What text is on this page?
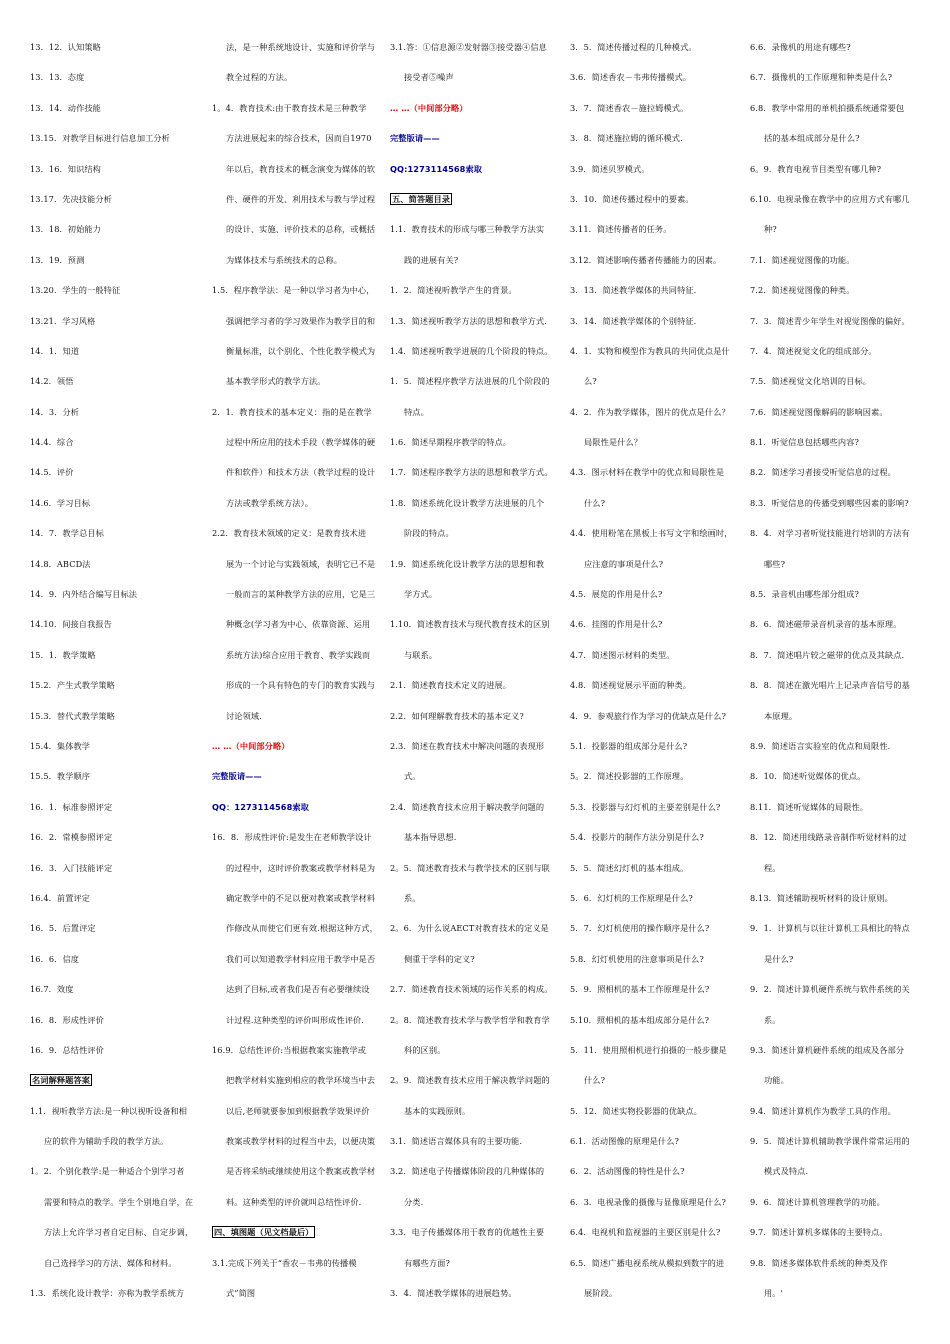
13．12．认知策略
13．13．态度
13．14．动作技能
13.15．对教学目标进行信息加工分析
13．16．知识结构
13.17．先决技能分析
13．18．初始能力
13．19．预测
13.20．学生的一般特征
13.21．学习风格
14．1．知道
14.2．领悟
14．3．分析
14.4．综合
14.5．评价
14.6．学习目标
14．7．教学总目标
14.8．ABCD法
14．9．内外结合编写目标法
14.10．间接自我报告
15．1．教学策略
15.2．产生式教学策略
15.3．替代式教学策略
15.4．集体教学
15.5．教学顺序
16．1．标准参照评定
16．2．常模参照评定
16．3．入门技能评定
16.4．前置评定
16．5．后置评定
16．6．信度
16.7．效度
16．8．形成性评价
16．9．总结性评价
名词解释题答案
1.1．视听教学方法:是一种以视听设备和相
应的软件为辅助手段的教学方法。
1。2．个别化教学:是一种适合个别学习者
需要和特点的教学。学生个别地自学，在
方法上允许学习者自定目标、自定步调，
自己选择学习的方法、媒体和材料。
1.3．系统化设计教学：亦称为教学系统方
法，是一种系统地设计、实施和评价学与
教全过程的方法。
1。4．教育技术:由于教育技术是三种教学
方法进展起来的综合技术，因而自1970
年以后，教育技术的概念演变为媒体的软
件、硬件的开发、利用技术与教与学过程
的设计、实施、评价技术的总称，或概括
为媒体技术与系统技术的总称。
1.5．程序教学法：是一种以学习者为中心，
强调把学习者的学习效果作为教学目的和
衡量标准，以个别化、个性化教学模式为
基本教学形式的教学方法。
2．1．教育技术的基本定义：指的是在教学
过程中所应用的技术手段（教学媒体的硬
件和软件）和技术方法（教学过程的设计
方法或教学系统方法）。
2.2．教育技术领域的定义：是教育技术进
展为一个讨论与实践领域，表明它已不是
一般而言的某种教学方法的应用，它是三
种概念(学习者为中心、依靠资源、运用
系统方法)综合应用于教育、教学实践而
形成的一个具有特色的专门的教育实践与
讨论领域.
… …（中间部分略）
完整版请——
QQ：1273114568索取
16．8．形成性评价:是发生在老师教学设计
的过程中，这时评价教案或教学材料是为
确定教学中的不足以便对教案或教学材料
作修改从而使它们更有效.根据这种方式，
我们可以知道教学材料应用于教学中是否
达到了目标,或者我们是否有必要继续设
计过程.这种类型的评价叫形成性评价.
16.9．总结性评价:当根据教案实施教学或
把教学材料实施到相应的教学环境当中去
以后,老师就要参加到根据教学效果评价
教案或教学材料的过程当中去，以便决策
是否将采纳或继续使用这个教案或教学材
料。这种类型的评价就叫总结性评价.
四、填图题（见文档最后）
3.1.完成下列关于“香农－韦弗的传播模
式”简图
3.1.答：①信息源②发射器③接受器④信息
接受者⑤噪声
… …（中间部分略）
完整版请——
QQ:1273114568索取
五、简答题目录
1.1．教育技术的形成与哪三种教学方法实
践的进展有关?
1．2．简述视听教学产生的背景。
1.3．简述视听教学方法的思想和教学方式.
1.4．简述视听教学进展的几个阶段的特点。
1．5．简述程序教学方法进展的几个阶段的
特点。
1.6．简述早期程序教学的特点。
1.7．简述程序教学方法的思想和教学方式。
1.8．简述系统化设计教学方法进展的几个
阶段的特点。
1.9．简述系统化设计教学方法的思想和教
学方式。
1.10．简述教育技术与现代教育技术的区别
与联系。
2.1．简述教育技术定义的进展。
2.2．如何理解教育技术的基本定义?
2.3．简述在教育技术中解决问题的表现形
式。
2.4．简述教育技术应用于解决教学问题的
基本指导思想.
2。5．简述教育技术与教学技术的区别与联
系。
2。6．为什么说AECT对教育技术的定义是
侧重于学科的定义?
2.7．简述教育技术领域的运作关系的构成。
2。8．简述教育技术学与教学哲学和教育学
科的区别。
2。9．简述教育技术应用于解决教学问题的
基本的实践原则。
3.1．简述语言媒体具有的主要功能.
3.2．简述电子传播媒体阶段的几种媒体的
分类.
3.3．电子传播媒体用于教育的优越性主要
有哪些方面?
3．4．简述教学媒体的进展趋势。
3．5．简述传播过程的几种模式。
3.6．简述香农－韦弗传播模式。
3．7．简述香农－施拉姆模式。
3．8．简述施拉姆的循环模式.
3.9．简述贝罗模式。
3．10．简述传播过程中的要素。
3.11．简述传播者的任务。
3.12．简述影响传播者传播能力的因素。
3．13．简述教学媒体的共同特征.
3．14．简述教学媒体的个别特征.
4．1．实物和模型作为教具的共同优点是什
么?
4．2．作为教学媒体，图片的优点是什么？
局限性是什么？
4.3．图示材料在教学中的优点和局限性是
什么?
4.4．使用粉笔在黑板上书写文字和绘画时，
应注意的事项是什么?
4.5．展览的作用是什么?
4.6．挂图的作用是什么?
4.7．简述图示材料的类型。
4.8．简述视觉展示平面的种类。
4．9．参观旅行作为学习的优缺点是什么?
5.1．投影器的组成部分是什么?
5。2．简述投影器的工作原理。
5.3．投影器与幻灯机的主要差别是什么?
5.4．投影片的制作方法分别是什么?
5．5．简述幻灯机的基本组成。
5．6．幻灯机的工作原理是什么?
5．7．幻灯机使用的操作顺序是什么?
5.8．幻灯机使用的注意事项是什么?
5．9．照相机的基本工作原理是什么?
5.10．照相机的基本组成部分是什么?
5．11．使用照相机进行拍摄的一般步骤是
什么?
5．12．简述实物投影器的优缺点。
6.1．活动图像的原理是什么?
6．2．活动图像的特性是什么?
6．3．电视录像的摄像与显像原理是什么?
6.4．电视机和监视器的主要区别是什么?
6.5．简述广播电视系统从模拟到数字的进
展阶段。
6.6．录像机的用途有哪些?
6.7．摄像机的工作原理和种类是什么?
6.8．教学中常用的单机拍摄系统通常要包
括的基本组成部分是什么?
6。9．教育电视节目类型有哪几种?
6.10．电视录像在教学中的应用方式有哪几
种?
7.1．简述视觉图像的功能。
7.2．简述视觉图像的种类。
7．3．简述青少年学生对视觉图像的偏好。
7．4．简述视觉文化的组成部分。
7.5．简述视觉文化培训的目标。
7.6．简述视觉图像解码的影响因素。
8.1．听觉信息包括哪些内容?
8.2．简述学习者接受听觉信息的过程。
8.3．听觉信息的传播受到哪些因素的影响?
8．4．对学习者听觉技能进行培训的方法有
哪些?
8.5．录音机由哪些部分组成?
8．6．简述磁带录音机录音的基本原理。
8．7．简述唱片较之磁带的优点及其缺点.
8．8．简述在激光唱片上记录声音信号的基
本原理。
8.9．简述语言实验室的优点和局限性.
8．10．简述听觉媒体的优点。
8.11．简述听觉媒体的局限性。
8．12．简述用线路录音制作听觉材料的过
程。
8.13．简述辅助视听材料的设计原则。
9．1．计算机与以往计算机工具相比的特点
是什么?
9．2．简述计算机硬件系统与软件系统的关
系。
9.3．简述计算机硬件系统的组成及各部分
功能。
9.4．简述计算机作为教学工具的作用。
9．5．简述计算机辅助教学课件常常运用的
模式及特点.
9．6．简述计算机管理教学的功能。
9.7．简述计算机多媒体的主要特点。
9.8．简述多媒体软件系统的种类及作
用。'
